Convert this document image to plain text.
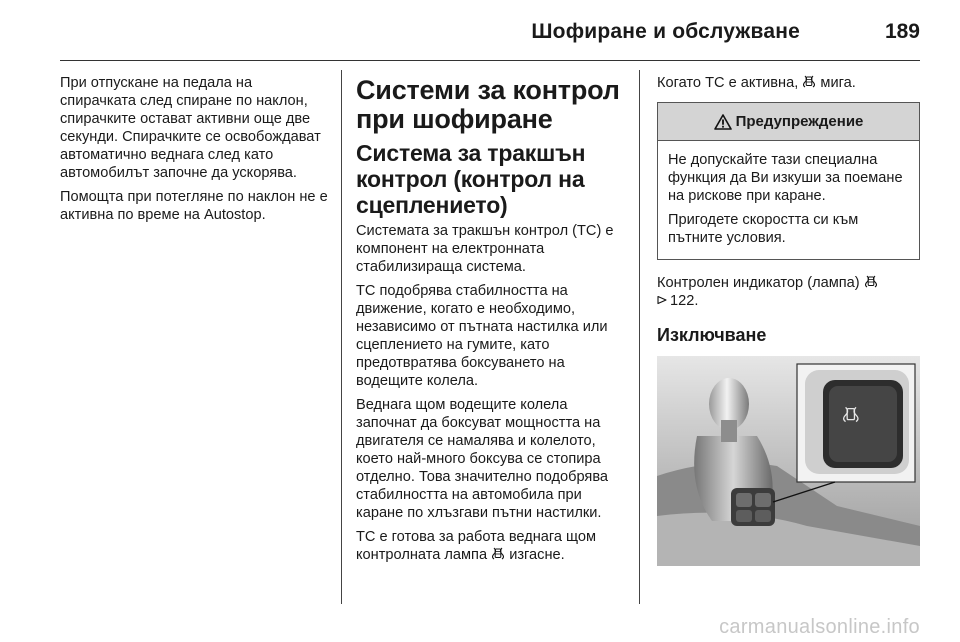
Шофиране и обслужване	189

При отпускане на педала на спирачката след спиране по наклон, спирачките остават активни още две секунди. Спирачките се освобождават автоматично веднага след като автомобилът започне да ускорява.

Помощта при потегляне по наклон не е активна по време на Autostop.

Системи за контрол при шофиране
Система за тракшън контрол (контрол на сцеплението)

Системата за тракшън контрол (TC) е компонент на електронната стабилизираща система.

TC подобрява стабилността на движение, когато е необходимо, независимо от пътната настилка или сцеплението на гумите, като предотвратява боксуването на водещите колела.

Веднага щом водещите колела започнат да боксуват мощността на двигателя се намалява и колелото, което най-много боксува се стопира отделно. Това значително подобрява стабилността на автомобила при каране по хлъзгави пътни настилки.

TC е готова за работа веднага щом контролната лампа изгасне.

Когато TC е активна, мига.

Предупреждение

Не допускайте тази специална функция да Ви изкуши за поемане на рискове при каране.

Пригодете скоростта си към пътните условия.

Контролен индикатор (лампа)

122.

Изключване
carmanualsonline.info
